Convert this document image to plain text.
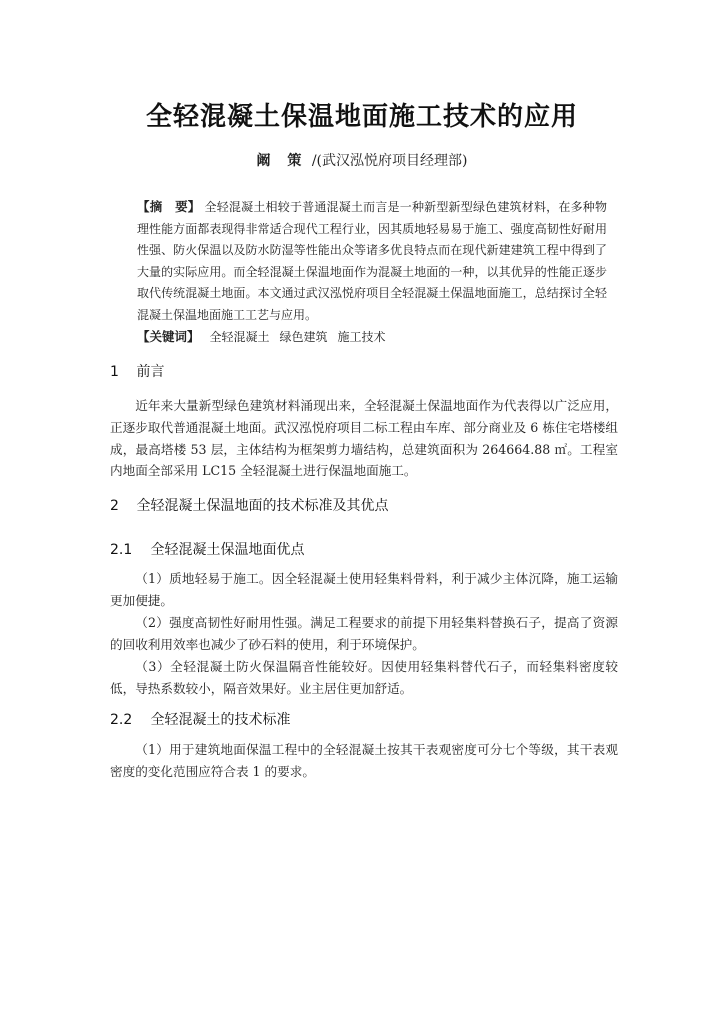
全轻混凝土保温地面施工技术的应用
阚 策 /(武汉泓悦府项目经理部)
【摘　要】 全轻混凝土相较于普通混凝土而言是一种新型新型绿色建筑材料，在多种物理性能方面都表现得非常适合现代工程行业，因其质地轻易易于施工、强度高韧性好耐用性强、防火保温以及防水防湿等性能出众等诸多优良特点而在现代新建建筑工程中得到了大量的实际应用。而全轻混凝土保温地面作为混凝土地面的一种，以其优异的性能正逐步取代传统混凝土地面。本文通过武汉泓悦府项目全轻混凝土保温地面施工，总结探讨全轻混凝土保温地面施工工艺与应用。
【关键词】 全轻混凝土 绿色建筑 施工技术
1 前言
近年来大量新型绿色建筑材料涌现出来，全轻混凝土保温地面作为代表得以广泛应用，正逐步取代普通混凝土地面。武汉泓悦府项目二标工程由车库、部分商业及 6 栋住宅塔楼组成，最高塔楼 53 层，主体结构为框架剪力墙结构，总建筑面积为 264664.88 ㎡。工程室内地面全部采用 LC15 全轻混凝土进行保温地面施工。
2 全轻混凝土保温地面的技术标准及其优点
2.1 全轻混凝土保温地面优点
（1）质地轻易于施工。因全轻混凝土使用轻集料骨料，利于减少主体沉降，施工运输更加便捷。
（2）强度高韧性好耐用性强。满足工程要求的前提下用轻集料替换石子，提高了资源的回收利用效率也减少了砂石料的使用，利于环境保护。
（3）全轻混凝土防火保温隔音性能较好。因使用轻集料替代石子，而轻集料密度较低，导热系数较小，隔音效果好。业主居住更加舒适。
2.2 全轻混凝土的技术标准
（1）用于建筑地面保温工程中的全轻混凝土按其干表观密度可分七个等级，其干表观密度的变化范围应符合表 1 的要求。
